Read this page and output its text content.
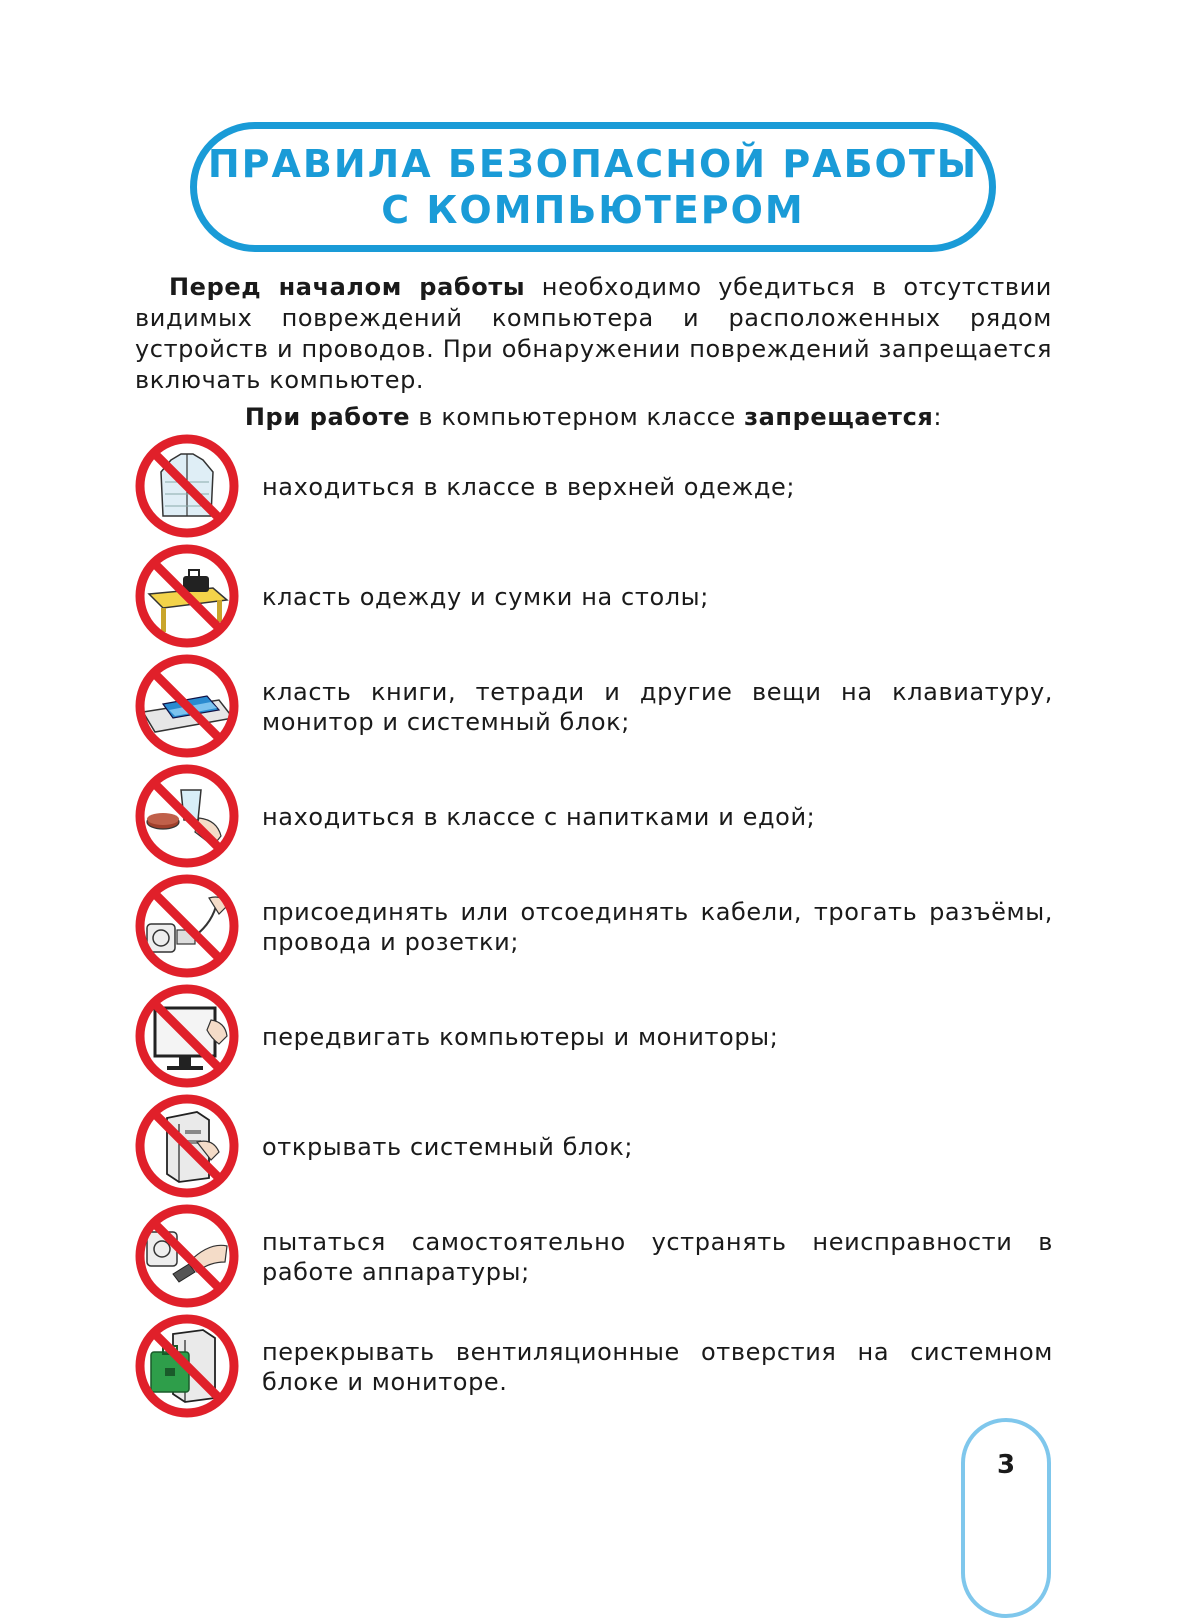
ПРАВИЛА БЕЗОПАСНОЙ РАБОТЫ
С КОМПЬЮТЕРОМ

Перед началом работы необходимо убедиться в отсутствии видимых повреждений компьютера и расположенных рядом устройств и проводов. При обнаружении повреждений запрещается включать компьютер.

При работе в компьютерном классе запрещается:

находиться в классе в верхней одежде;

класть одежду и сумки на столы;

класть книги, тетради и другие вещи на клавиатуру, монитор и системный блок;

находиться в классе с напитками и едой;

присоединять или отсоединять кабели, трогать разъёмы, провода и розетки;

передвигать компьютеры и мониторы;

открывать системный блок;

пытаться самостоятельно устранять неисправности в работе аппаратуры;

перекрывать вентиляционные отверстия на системном блоке и мониторе.

3
